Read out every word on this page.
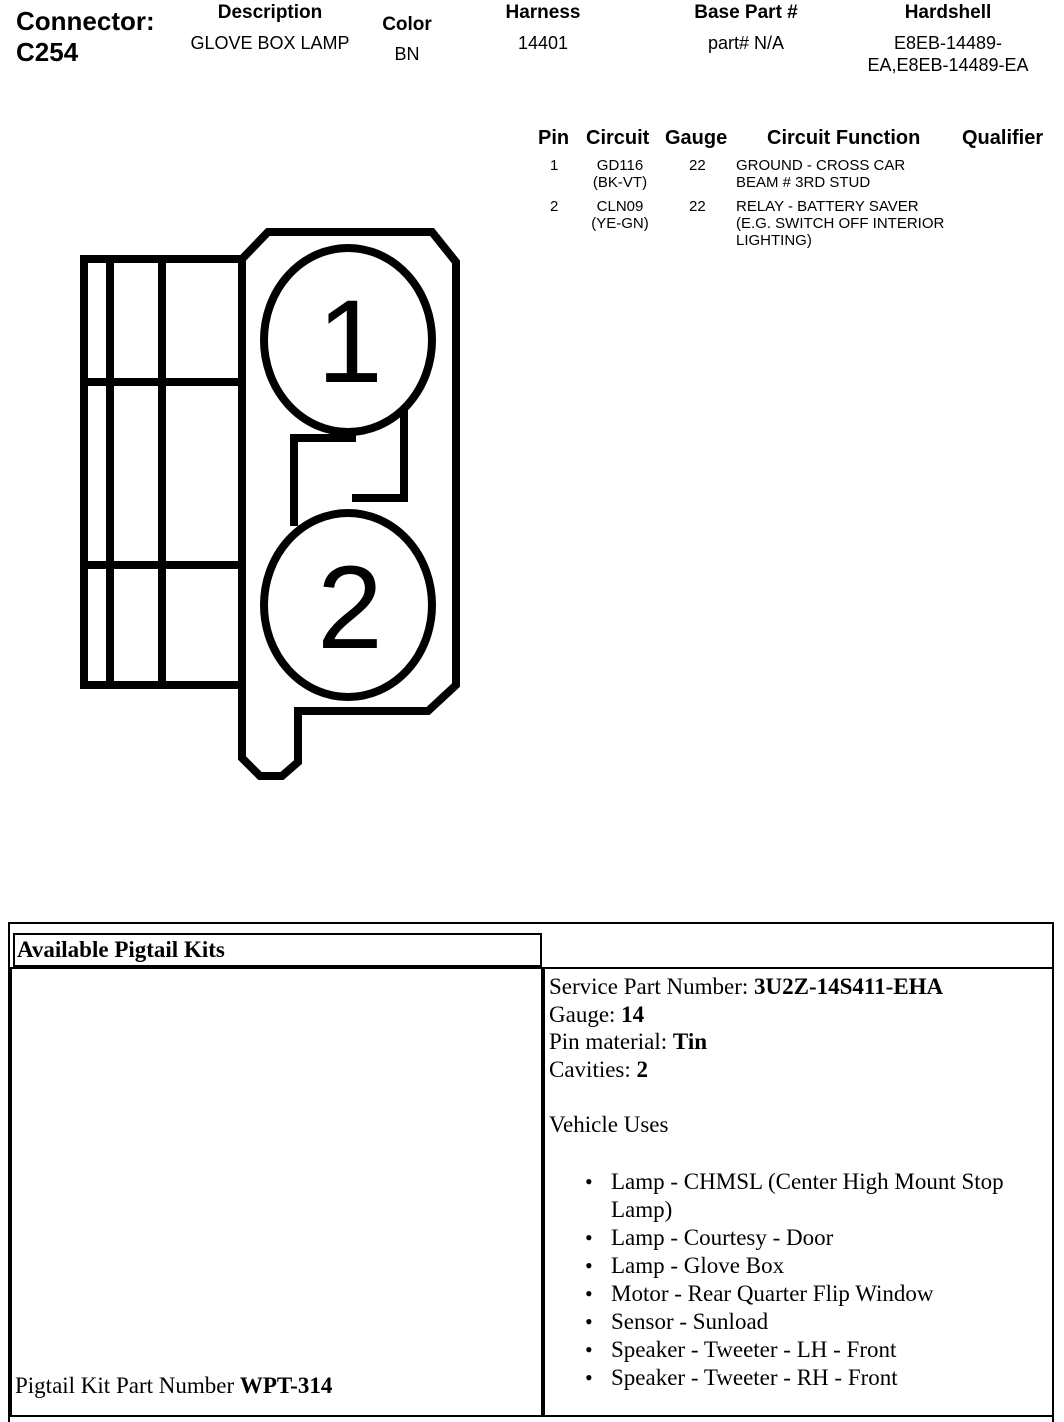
Connector:
C254
Description
GLOVE BOX LAMP
Color
BN
Harness
14401
Base Part #
part# N/A
Hardshell
E8EB-14489-
EA,E8EB-14489-EA
Pin Circuit Gauge Circuit Function Qualifier
1	GD116
(BK-VT)
22 GROUND - CROSS CAR
BEAM # 3RD STUD
2	CLN09
(YE-GN)
22 RELAY - BATTERY SAVER
(E.G. SWITCH OFF INTERIOR
LIGHTING)
1
2
Available Pigtail Kits
Pigtail Kit Part Number WPT-314
Service Part Number: 3U2Z-14S411-EHA
Gauge: 14
Pin material: Tin
Cavities: 2
Vehicle Uses
• Lamp - CHMSL (Center High Mount Stop Lamp)
• Lamp - Courtesy - Door
• Lamp - Glove Box
• Motor - Rear Quarter Flip Window
• Sensor - Sunload
• Speaker - Tweeter - LH - Front
• Speaker - Tweeter - RH - Front
